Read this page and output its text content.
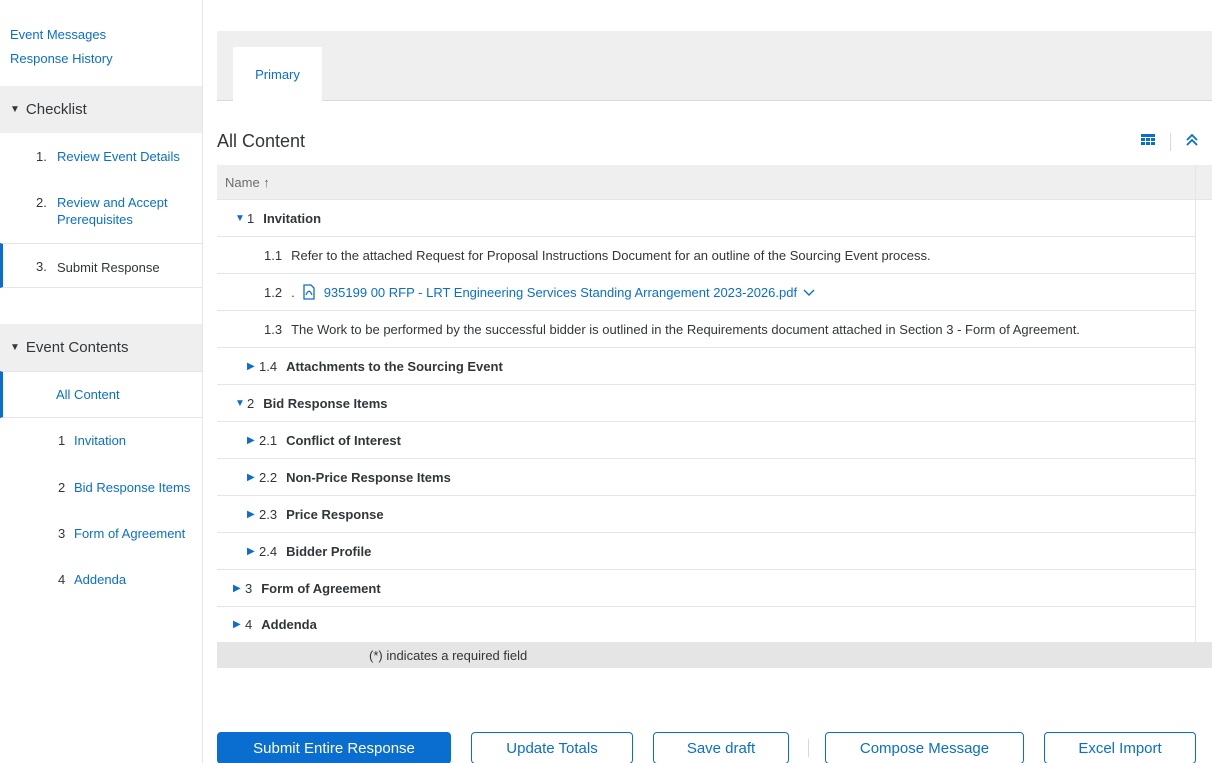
Event Messages
Response History
▼ Checklist
1. Review Event Details
2. Review and Accept
Prerequisites
3. Submit Response
▼ Event Contents
All Content
1 Invitation
2 Bid Response Items
3 Form of Agreement
4 Addenda
Primary
All Content
Name ↑
▼ 1 Invitation
1.1 Refer to the attached Request for Proposal Instructions Document for an outline of the Sourcing Event process.
1.2 . 935199 00 RFP - LRT Engineering Services Standing Arrangement 2023-2026.pdf
1.3 The Work to be performed by the successful bidder is outlined in the Requirements document attached in Section 3 - Form of Agreement.
▶ 1.4 Attachments to the Sourcing Event
▼ 2 Bid Response Items
▶ 2.1 Conflict of Interest
▶ 2.2 Non-Price Response Items
▶ 2.3 Price Response
▶ 2.4 Bidder Profile
▶ 3 Form of Agreement
▶ 4 Addenda
(*) indicates a required field
Submit Entire Response	Update Totals	Save draft	Compose Message	Excel Import
